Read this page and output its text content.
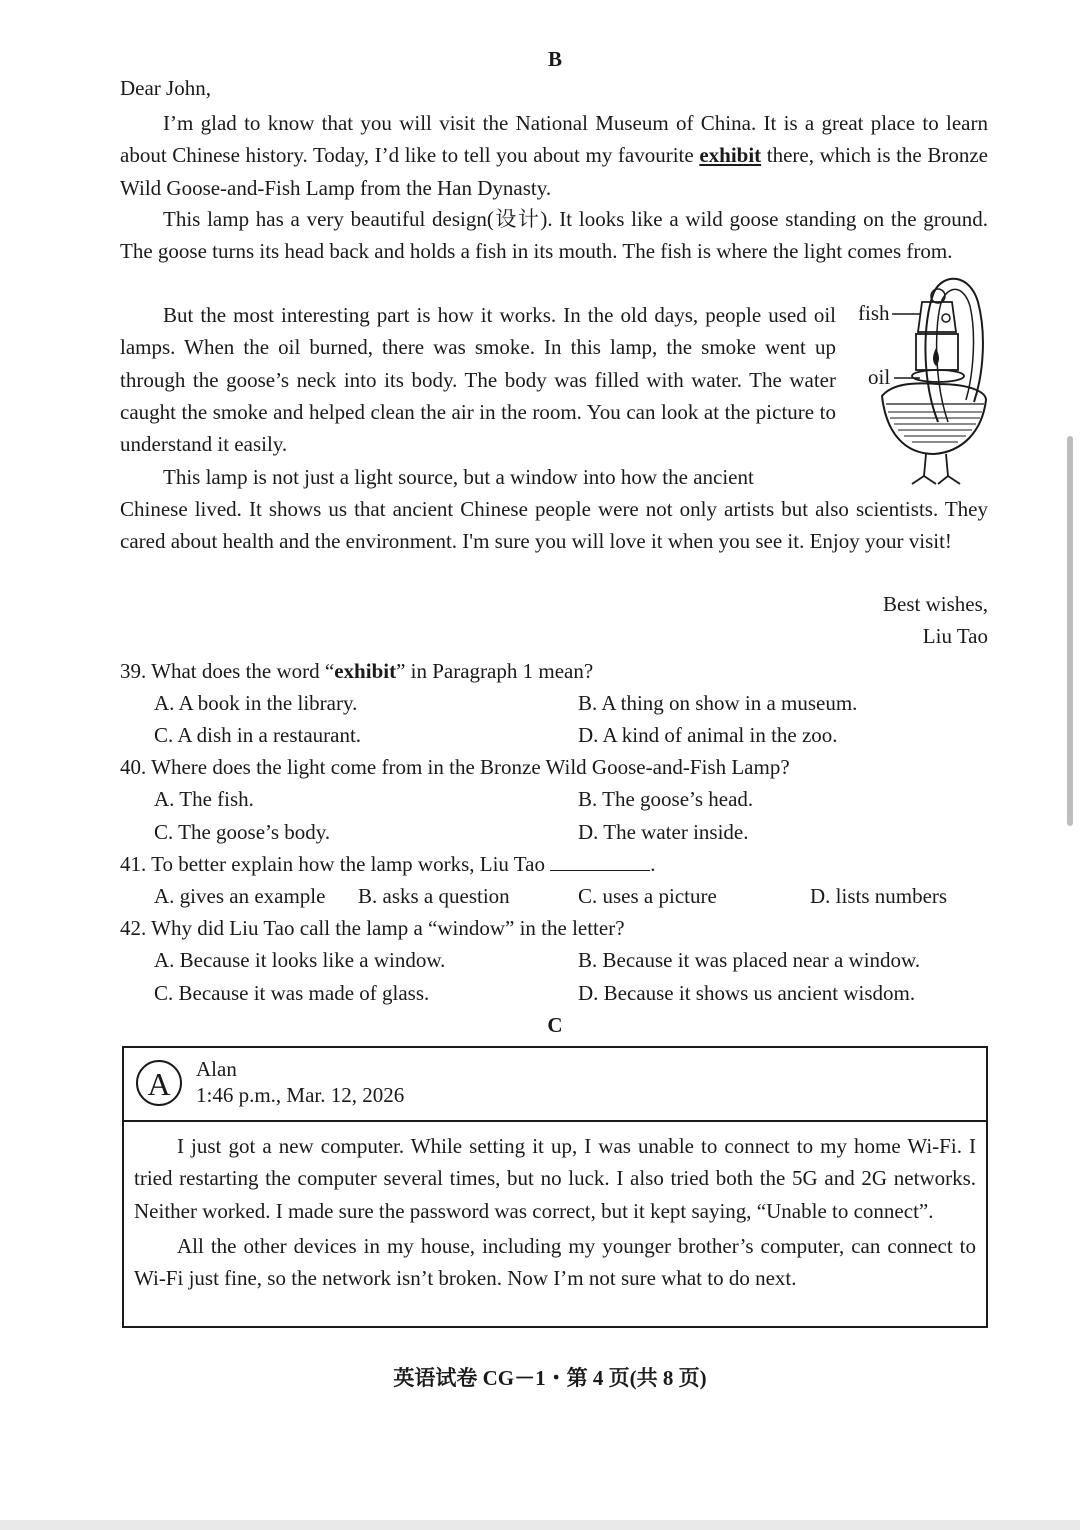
B
Dear John,

I’m glad to know that you will visit the National Museum of China. It is a great place to learn about Chinese history. Today, I’d like to tell you about my favourite exhibit there, which is the Bronze Wild Goose-and-Fish Lamp from the Han Dynasty.

This lamp has a very beautiful design(设计). It looks like a wild goose standing on the ground. The goose turns its head back and holds a fish in its mouth. The fish is where the light comes from.

But the most interesting part is how it works. In the old days, people used oil lamps. When the oil burned, there was smoke. In this lamp, the smoke went up through the goose’s neck into its body. The body was filled with water. The water caught the smoke and helped clean the air in the room. You can look at the picture to understand it easily.

This lamp is not just a light source, but a window into how the ancient

Chinese lived. It shows us that ancient Chinese people were not only artists but also scientists. They cared about health and the environment. I'm sure you will love it when you see it. Enjoy your visit!

Best wishes,
Liu Tao
fish
oil
39. What does the word “exhibit” in Paragraph 1 mean?
A. A book in the library.	B. A thing on show in a museum.
C. A dish in a restaurant.	D. A kind of animal in the zoo.
40. Where does the light come from in the Bronze Wild Goose-and-Fish Lamp?
A. The fish.	B. The goose’s head.
C. The goose’s body.	D. The water inside.
41. To better explain how the lamp works, Liu Tao	.
A. gives an example B. asks a question	C. uses a picture	D. lists numbers
42. Why did Liu Tao call the lamp a “window” in the letter?
A. Because it looks like a window.	B. Because it was placed near a window.
C. Because it was made of glass.	D. Because it shows us ancient wisdom.
C
A	Alan
1:46 p.m., Mar. 12, 2026

I just got a new computer. While setting it up, I was unable to connect to my home Wi-Fi. I tried restarting the computer several times, but no luck. I also tried both the 5G and 2G networks. Neither worked. I made sure the password was correct, but it kept saying, “Unable to connect”.

All the other devices in my house, including my younger brother’s computer, can connect to Wi-Fi just fine, so the network isn’t broken. Now I’m not sure what to do next.

英语试卷 CG－1・第 4 页(共 8 页)
